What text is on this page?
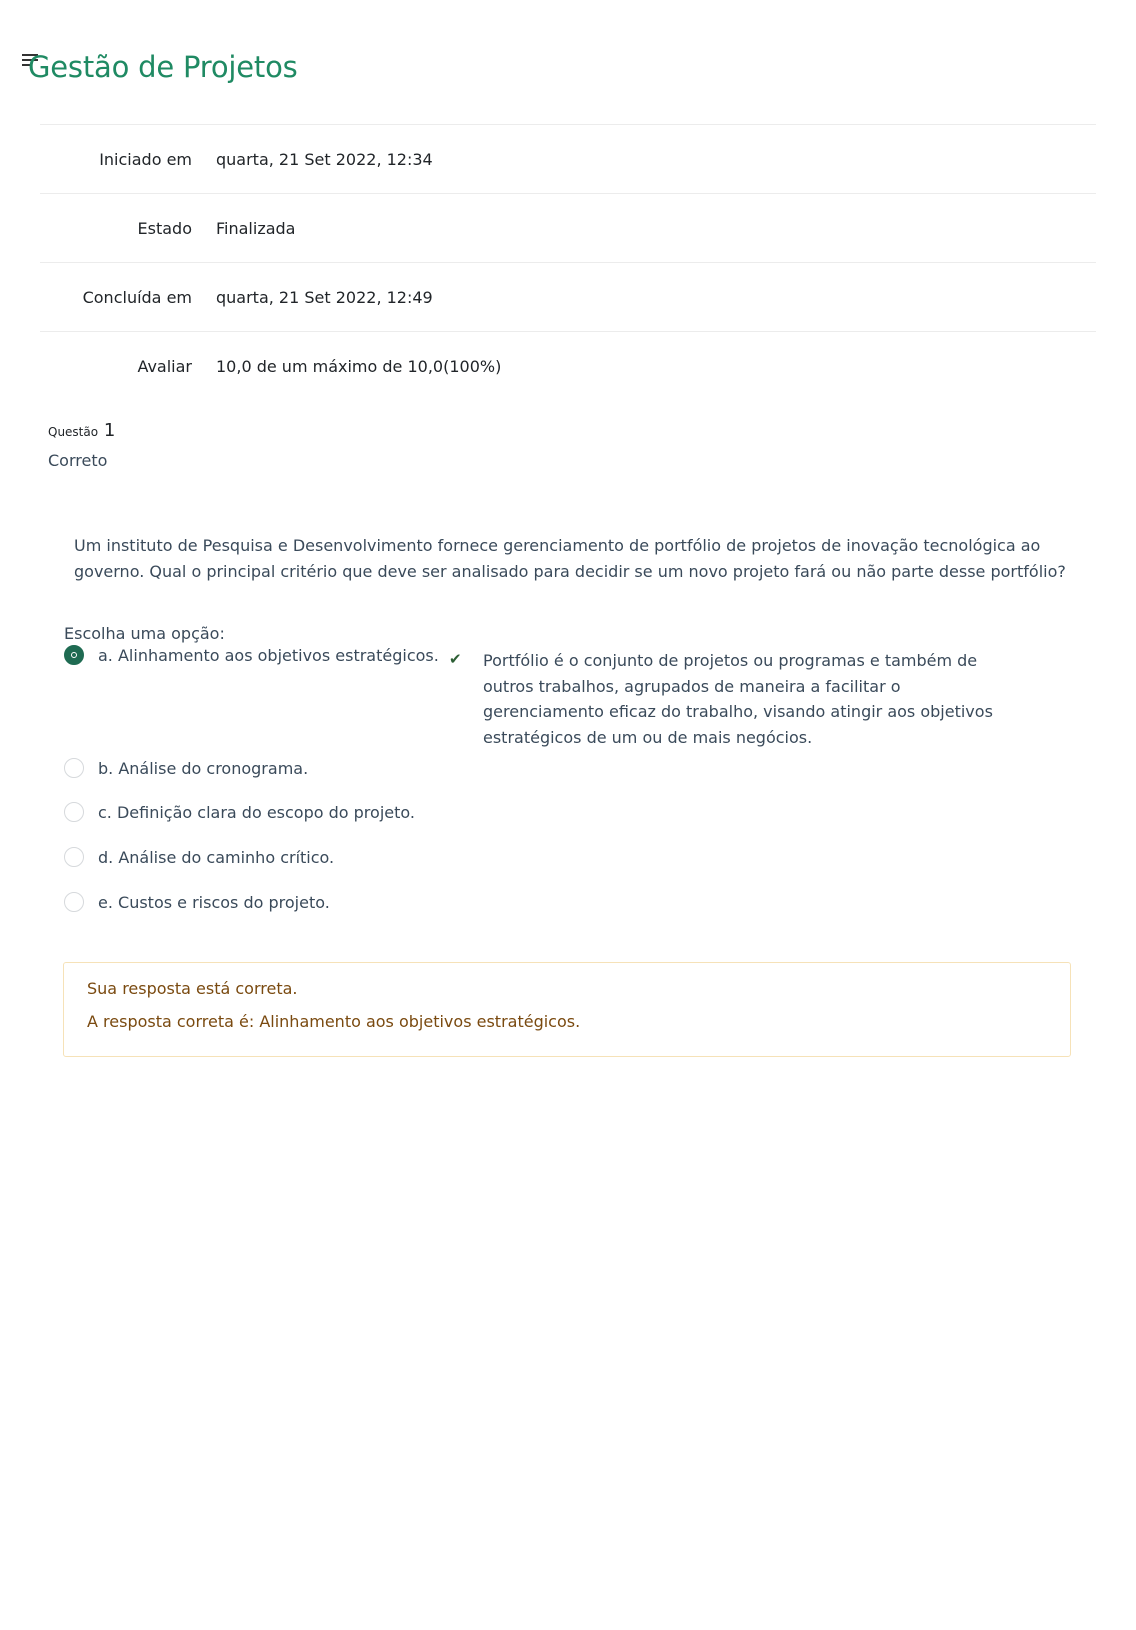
Gestão de Projetos
Iniciado em	quarta, 21 Set 2022, 12:34
Estado	Finalizada
Concluída em	quarta, 21 Set 2022, 12:49
Avaliar	10,0 de um máximo de 10,0(100%)
Questão 1
Correto

Um instituto de Pesquisa e Desenvolvimento fornece gerenciamento de portfólio de projetos de inovação tecnológica ao governo. Qual o principal critério que deve ser analisado para decidir se um novo projeto fará ou não parte desse portfólio?

Escolha uma opção:
a. Alinhamento aos objetivos estratégicos. ✔ Portfólio é o conjunto de projetos ou programas e também de outros trabalhos, agrupados de maneira a facilitar o gerenciamento eficaz do trabalho, visando atingir aos objetivos estratégicos de um ou de mais negócios.

b. Análise do cronograma.
c. Definição clara do escopo do projeto.
d. Análise do caminho crítico.
e. Custos e riscos do projeto.

Sua resposta está correta.

A resposta correta é: Alinhamento aos objetivos estratégicos.
